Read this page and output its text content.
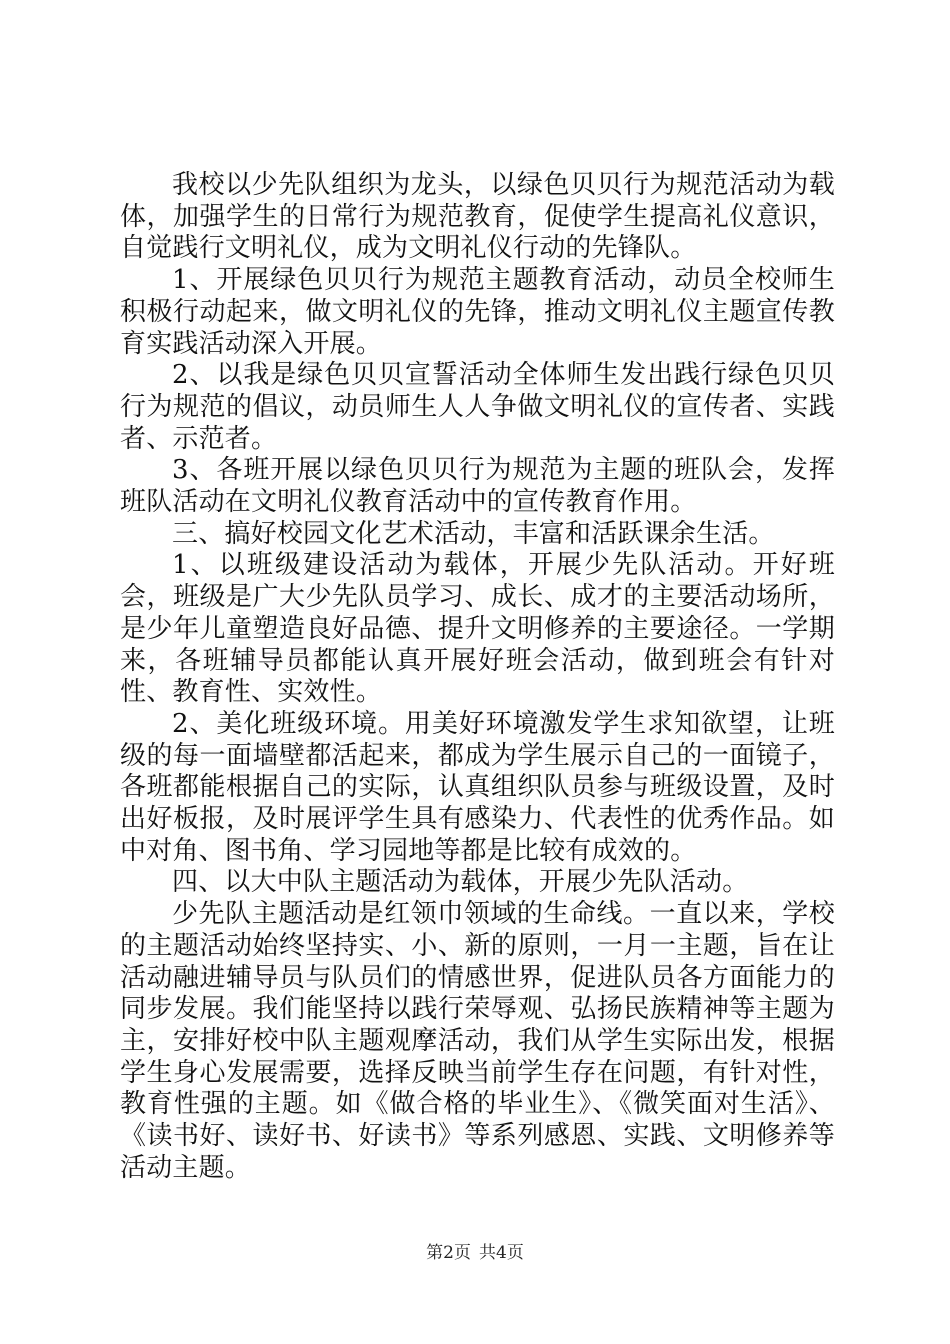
我校以少先队组织为龙头，以绿色贝贝行为规范活动为载体，加强学生的日常行为规范教育，促使学生提高礼仪意识，自觉践行文明礼仪，成为文明礼仪行动的先锋队。

1、开展绿色贝贝行为规范主题教育活动，动员全校师生积极行动起来，做文明礼仪的先锋，推动文明礼仪主题宣传教育实践活动深入开展。

2、以我是绿色贝贝宣誓活动全体师生发出践行绿色贝贝行为规范的倡议，动员师生人人争做文明礼仪的宣传者、实践者、示范者。

3、各班开展以绿色贝贝行为规范为主题的班队会，发挥班队活动在文明礼仪教育活动中的宣传教育作用。

三、搞好校园文化艺术活动，丰富和活跃课余生活。

1、以班级建设活动为载体，开展少先队活动。开好班会，班级是广大少先队员学习、成长、成才的主要活动场所，是少年儿童塑造良好品德、提升文明修养的主要途径。一学期来，各班辅导员都能认真开展好班会活动，做到班会有针对性、教育性、实效性。

2、美化班级环境。用美好环境激发学生求知欲望，让班级的每一面墙壁都活起来，都成为学生展示自己的一面镜子，各班都能根据自己的实际，认真组织队员参与班级设置，及时出好板报，及时展评学生具有感染力、代表性的优秀作品。如中对角、图书角、学习园地等都是比较有成效的。

四、以大中队主题活动为载体，开展少先队活动。

少先队主题活动是红领巾领域的生命线。一直以来，学校的主题活动始终坚持实、小、新的原则，一月一主题，旨在让活动融进辅导员与队员们的情感世界，促进队员各方面能力的同步发展。我们能坚持以践行荣辱观、弘扬民族精神等主题为主，安排好校中队主题观摩活动，我们从学生实际出发，根据学生身心发展需要，选择反映当前学生存在问题，有针对性，教育性强的主题。如《做合格的毕业生》、《微笑面对生活》、《读书好、读好书、好读书》等系列感恩、实践、文明修养等活动主题。

第2页 共4页
